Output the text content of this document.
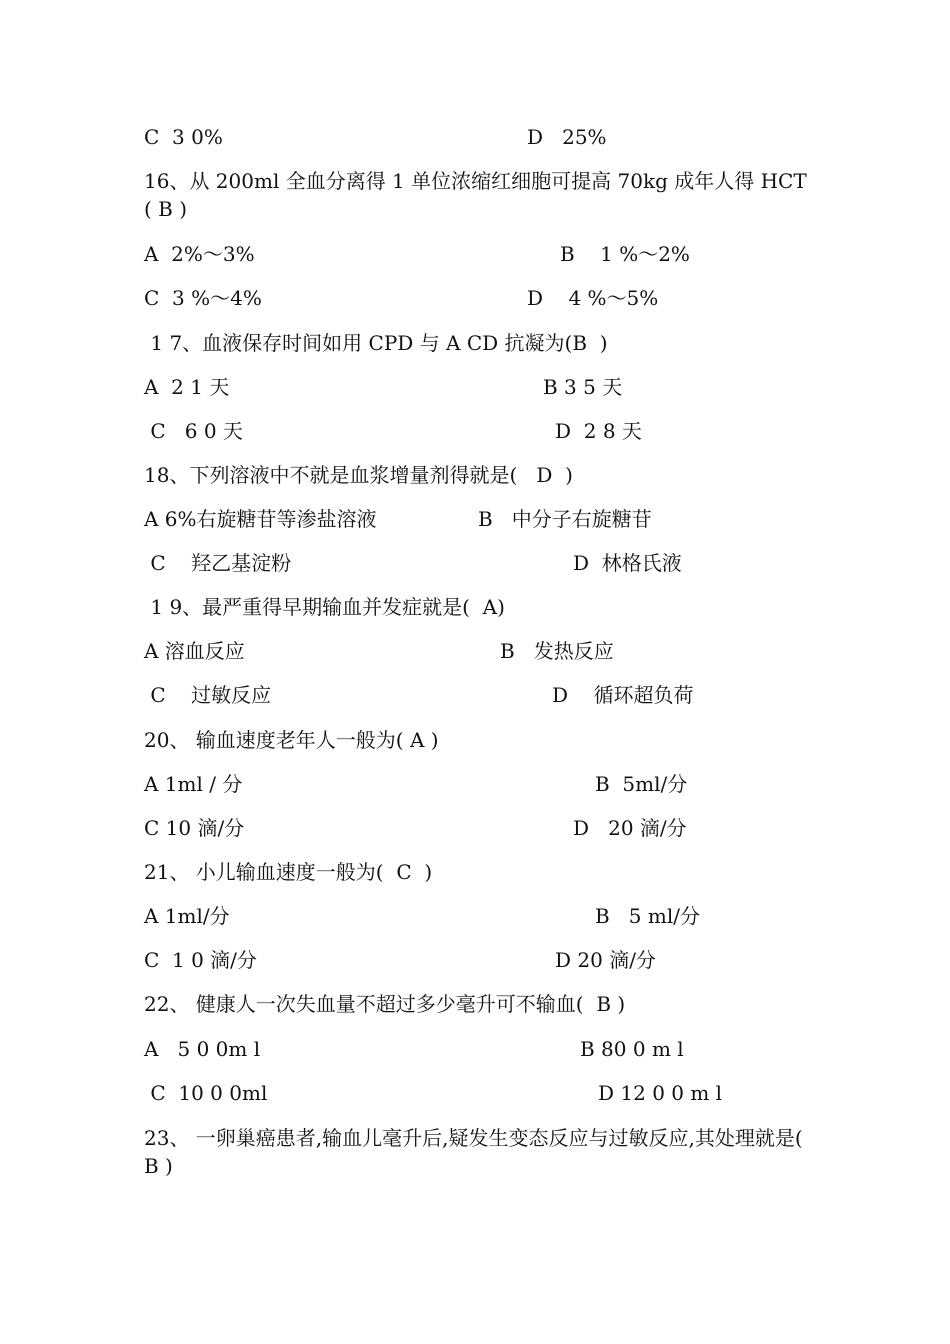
C  3 0%	D   25%
16、从 200ml 全血分离得 1 单位浓缩红细胞可提高 70kg 成年人得 HCT ( B )
A  2%～3%	B    1 %～2%
C  3 %～4%	D    4 %～5%
1 7、血液保存时间如用 CPD 与 A CD 抗凝为(B  )
A  2 1 天	B 3 5 天
C   6 0 天	D  2 8 天
18、下列溶液中不就是血浆增量剂得就是(   D  )
A 6%右旋糖苷等渗盐溶液	B   中分子右旋糖苷
C    羟乙基淀粉	D  林格氏液
1 9、最严重得早期输血并发症就是(  A)
A 溶血反应	B   发热反应
C    过敏反应	D    循环超负荷
20、 输血速度老年人一般为( A )
A 1ml / 分	B  5ml/分
C 10 滴/分	D   20 滴/分
21、 小儿输血速度一般为(  C  )
A 1ml/分	B   5 ml/分
C  1 0 滴/分	D 20 滴/分
22、 健康人一次失血量不超过多少毫升可不输血(  B )
A   5 0 0m l	B 80 0 m l
C  10 0 0ml	D 12 0 0 m l
23、 一卵巢癌患者,输血儿毫升后,疑发生变态反应与过敏反应,其处理就是( B )
